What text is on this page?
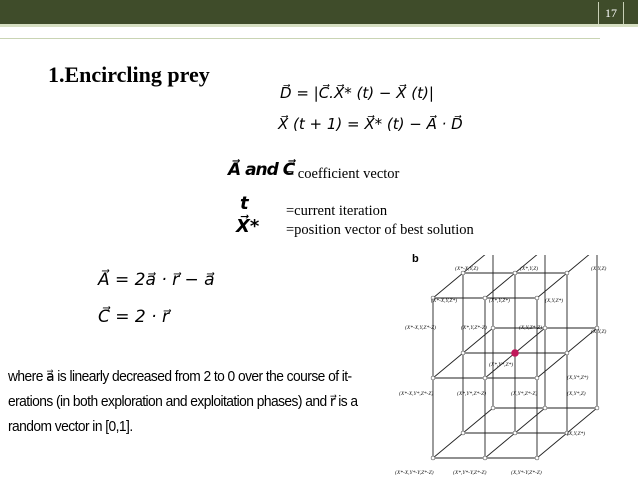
17
1.Encircling prey
D⃗ = |C⃗.X⃗* (t) − X⃗ (t)|
X⃗ (t + 1) = X⃗* (t) − A⃗ · D⃗
A⃗ and C⃗
= coefficient vector
t	=current iteration
X⃗* =position vector of best solution
A⃗ = 2a⃗ · r⃗ − a⃗
C⃗ = 2 · r⃗
where a⃗ is linearly decreased from 2 to 0 over the course of it-
erations (in both exploration and exploitation phases) and r⃗ is a
random vector in [0,1].
b
(X*-X,Y,Z)	(X*,Y,Z)	(X,Y,Z)
(X*-X,Y,Z*)	(X*,Y,Z*)	(X,Y,Z*)
(X*-X,Y,Z*-Z)	(X*,Y,Z*-Z)	(X,Y,Z*-Z)
(X,Y,Z)
(X*,Y*,Z*)
(X,Y*,Z*)
(X*-X,Y*,Z*-Z)	(X*,Y*,Z*-Z)	(X,Y*,Z*-Z)	(X,Y*,Z)
(X,Y,Z*)
(X*-X,Y*-Y,Z*-Z)	(X*,Y*-Y,Z*-Z)	(X,Y*-Y,Z*-Z)
